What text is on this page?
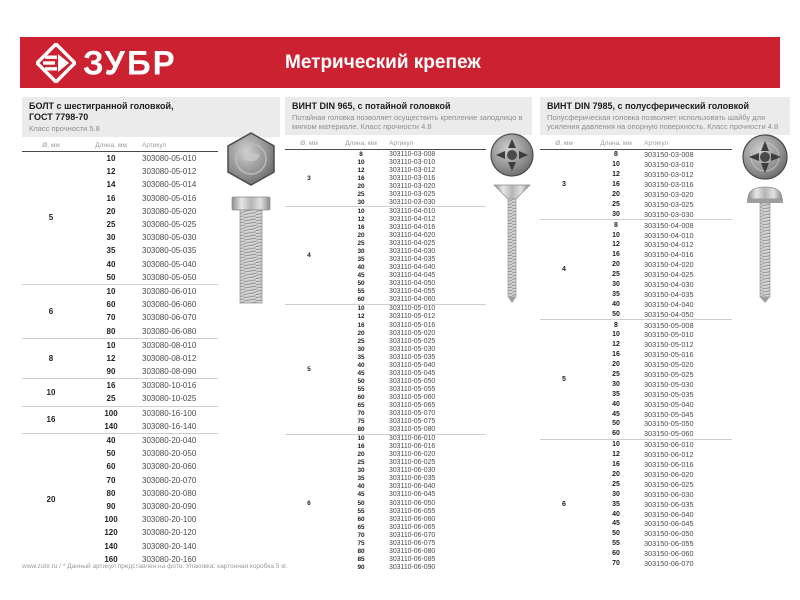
ЗУБР	Метрический крепеж
БОЛТ с шестигранной головкой,
ГОСТ 7798-70
Класс прочности 5.8
Ø, мм	Длина, мм	Артикул
5
10	303080-05-010
12	303080-05-012
14	303080-05-014
16	303080-05-016
20	303080-05-020
25	303080-05-025
30	303080-05-030
35	303080-05-035
40	303080-05-040
50	303080-05-050
6
10	303080-06-010
60	303080-06-060
70	303080-06-070
80	303080-06-080
8
10	303080-08-010
12	303080-08-012
90	303080-08-090
10
16	303080-10-016
25	303080-10-025
16
100	303080-16-100
140	303080-16-140
20
40	303080-20-040
50	303080-20-050
60	303080-20-060
70	303080-20-070
80	303080-20-080
90	303080-20-090
100	303080-20-100
120	303080-20-120
140	303080-20-140
160	303080-20-160
ВИНТ DIN 965, с потайной головкой
Потайная головка позволяет осуществить крепление заподлицо в мягком материале. Класс прочности 4.8
Ø, мм	Длина, мм	Артикул
3
8	303110-03-008
10	303110-03-010
12	303110-03-012
16	303110-03-016
20	303110-03-020
25	303110-03-025
30	303110-03-030
4
10	303110-04-010
12	303110-04-012
16	303110-04-016
20	303110-04-020
25	303110-04-025
30	303110-04-030
35	303110-04-035
40	303110-04-040
45	303110-04-045
50	303110-04-050
55	303110-04-055
60	303110-04-060
5
10	303110-05-010
12	303110-05-012
16	303110-05-016
20	303110-05-020
25	303110-05-025
30	303110-05-030
35	303110-05-035
40	303110-05-040
45	303110-05-045
50	303110-05-050
55	303110-05-055
60	303110-05-060
65	303110-05-065
70	303110-05-070
75	303110-05-075
80	303110-05-080
6
10	303110-06-010
16	303110-06-016
20	303110-06-020
25	303110-06-025
30	303110-06-030
35	303110-06-035
40	303110-06-040
45	303110-06-045
50	303110-06-050
55	303110-06-055
60	303110-06-060
65	303110-06-065
70	303110-06-070
75	303110-06-075
80	303110-06-080
85	303110-06-085
90	303110-06-090
ВИНТ DIN 7985, с полусферический головкой
Полусферическая головка позволяет использовать шайбу для усиления давления на опорную поверхность. Класс прочности 4.8
Ø, мм	Длина, мм	Артикул
3
8	303150-03-008
10	303150-03-010
12	303150-03-012
16	303150-03-016
20	303150-03-020
25	303150-03-025
30	303150-03-030
4
8	303150-04-008
10	303150-04-010
12	303150-04-012
16	303150-04-016
20	303150-04-020
25	303150-04-025
30	303150-04-030
35	303150-04-035
40	303150-04-040
50	303150-04-050
5
8	303150-05-008
10	303150-05-010
12	303150-05-012
16	303150-05-016
20	303150-05-020
25	303150-05-025
30	303150-05-030
35	303150-05-035
40	303150-05-040
45	303150-05-045
50	303150-05-050
60	303150-05-060
6
10	303150-06-010
12	303150-06-012
16	303150-06-016
20	303150-06-020
25	303150-06-025
30	303150-06-030
35	303150-06-035
40	303150-06-040
45	303150-06-045
50	303150-06-050
55	303150-06-055
60	303150-06-060
70	303150-06-070
www.zubr.ru / * Данный артикул представлен на фото. Упаковка: картонная коробка 5 кг.
